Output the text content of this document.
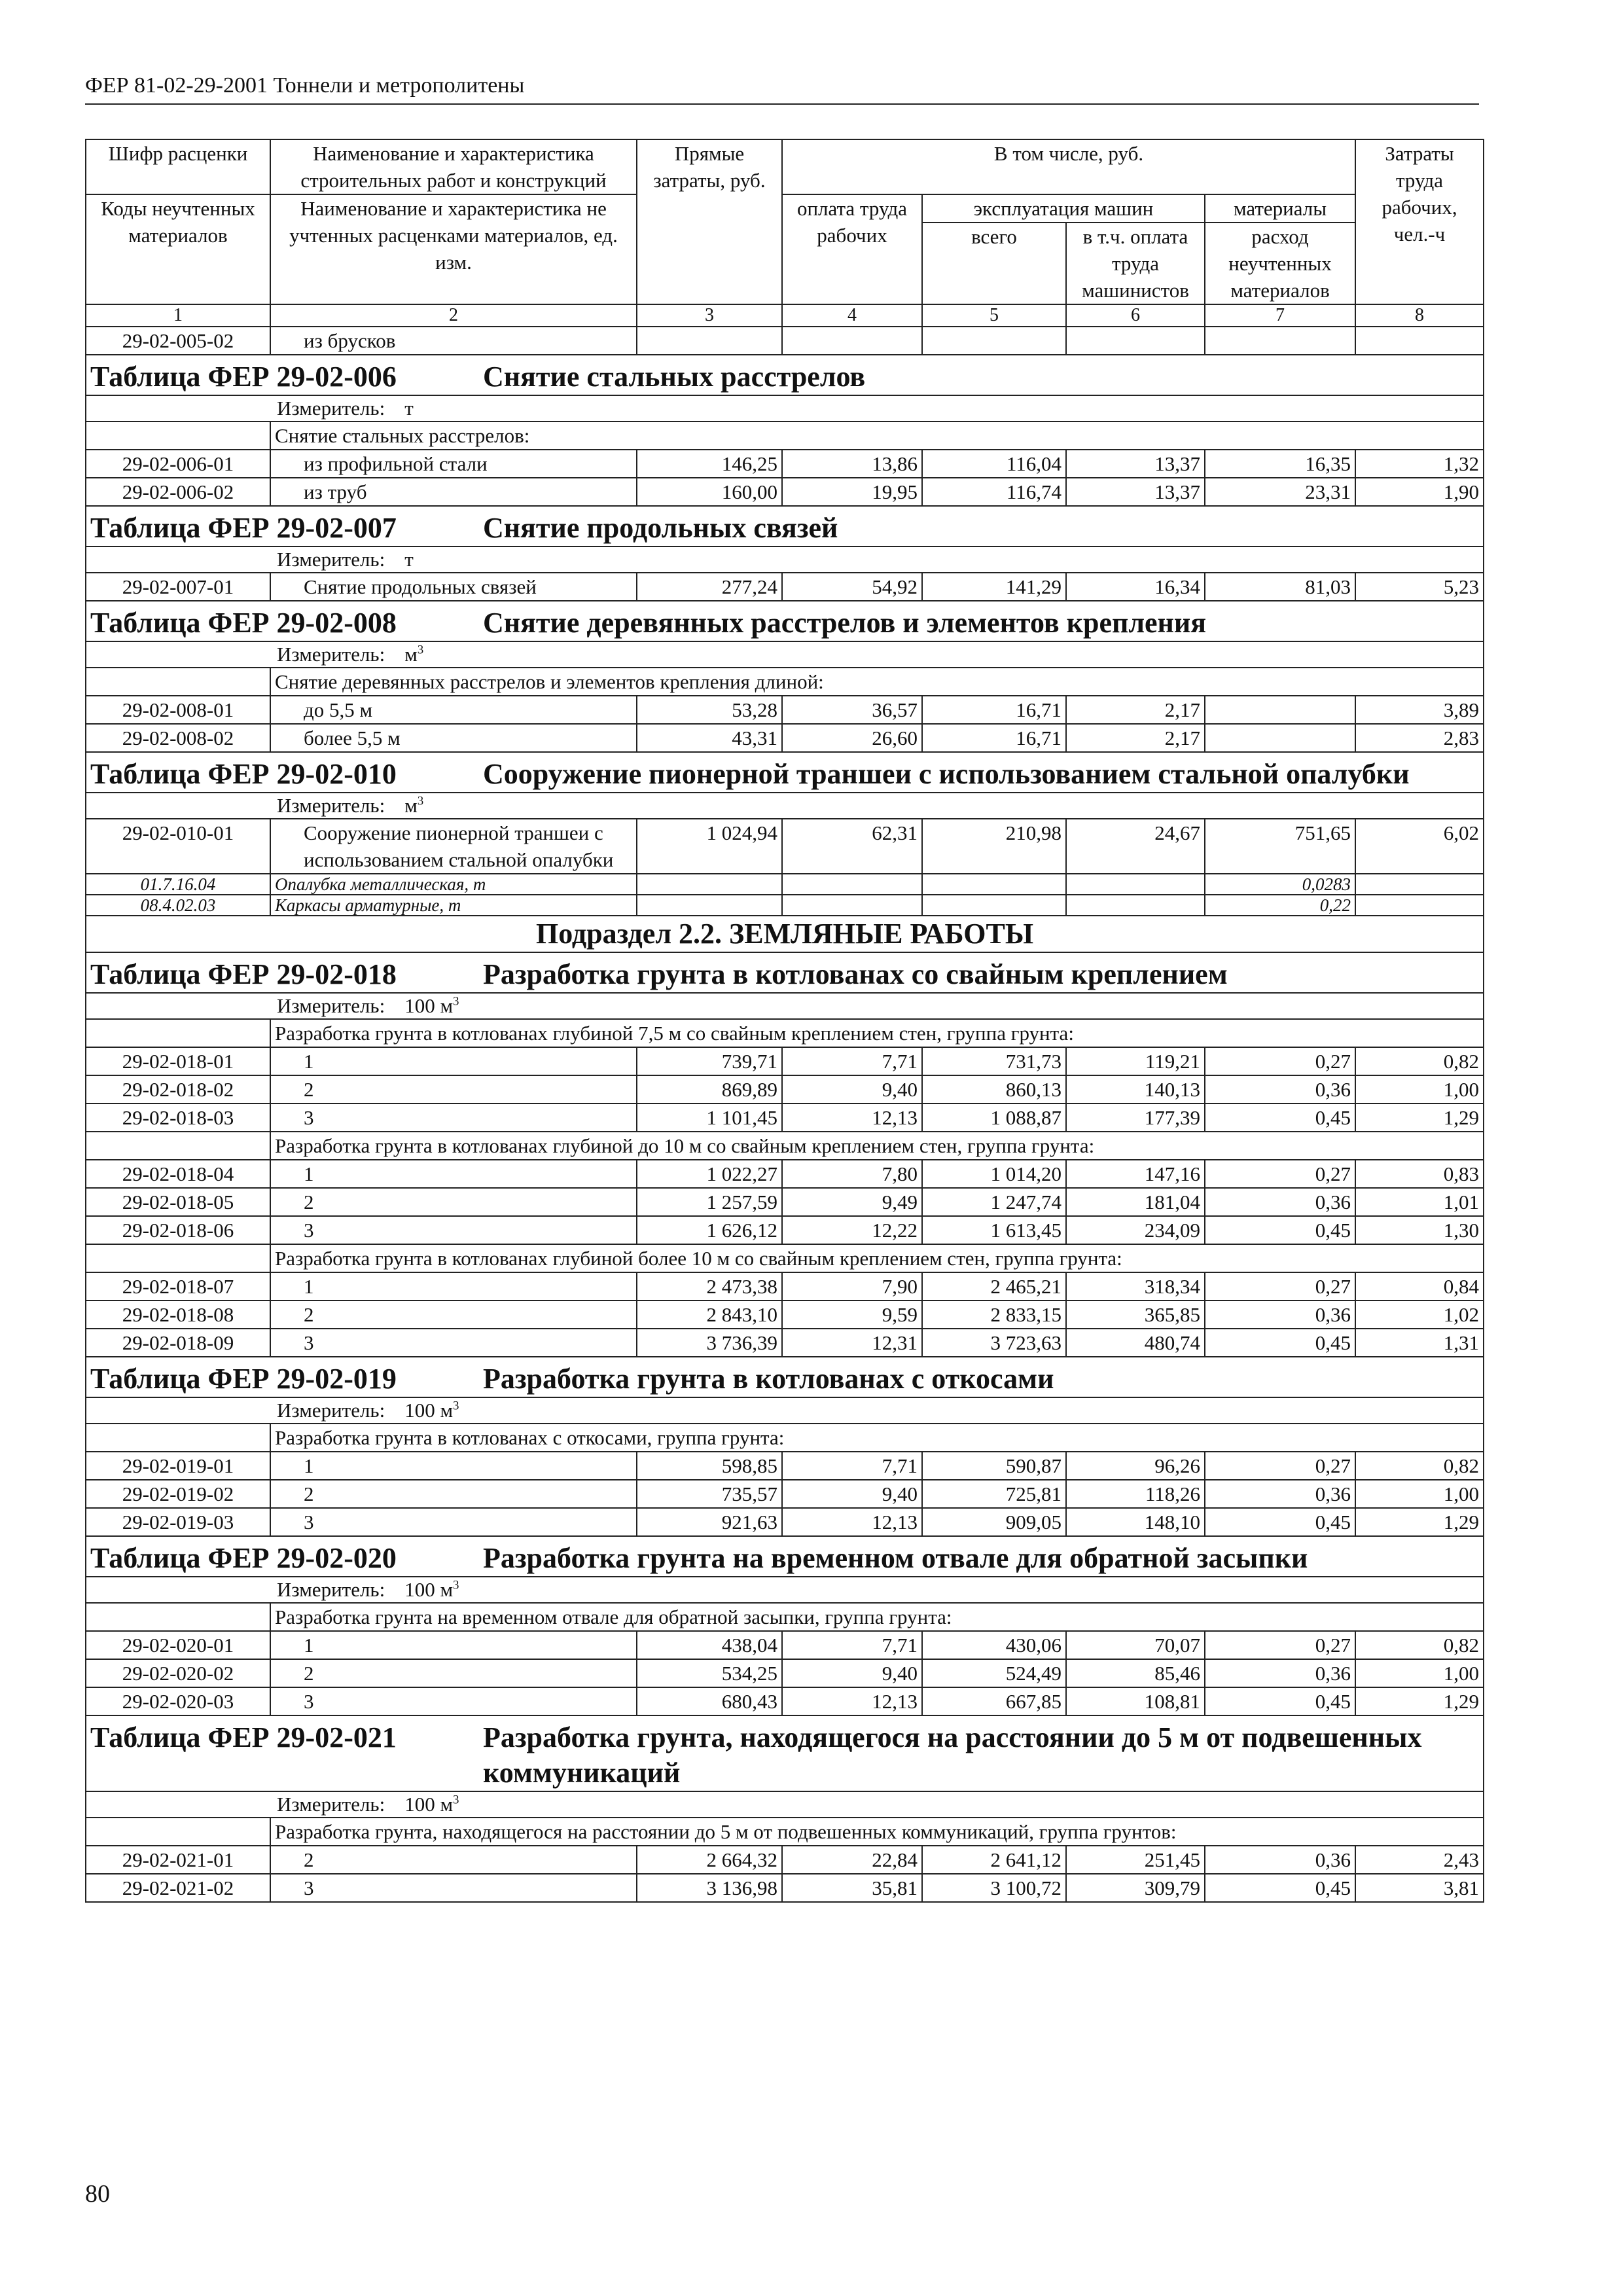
ФЕР 81-02-29-2001 Тоннели и метрополитены
Шифр расценки	Наименование и характеристика строительных работ и конструкций	Прямые затраты, руб.	В том числе, руб.				Затраты труда рабочих, чел.-ч
Коды неучтенных материалов	Наименование и характеристика не учтенных расценками материалов, ед. изм.		оплата труда рабочих	эксплуатация машин		материалы	
				всего	в т.ч. оплата труда машинистов	расход неучтенных материалов	
1	2	3	4	5	6	7	8
29-02-005-02	из брусков						
Таблица ФЕР 29-02-006 Снятие стальных расстрелов							
Измеритель: т							
	Снятие стальных расстрелов:						
29-02-006-01	из профильной стали	146,25	13,86	116,04	13,37	16,35	1,32
29-02-006-02	из труб	160,00	19,95	116,74	13,37	23,31	1,90
Таблица ФЕР 29-02-007 Снятие продольных связей							
Измеритель: т							
29-02-007-01	Снятие продольных связей	277,24	54,92	141,29	16,34	81,03	5,23
Таблица ФЕР 29-02-008 Снятие деревянных расстрелов и элементов крепления							
Измеритель: $м^3$
	Снятие деревянных расстрелов и элементов крепления длиной:						
29-02-008-01	до 5,5 м	53,28	36,57	16,71	2,17		3,89
29-02-008-02	более 5,5 м	43,31	26,60	16,71	2,17		2,83
Таблица ФЕР 29-02-010 Сооружение пионерной траншеи с использованием стальной опалубки							
Измеритель: $м^3$
29-02-010-01	Сооружение пионерной траншеи с использованием стальной опалубки	1 024,94	62,31	210,98	24,67	751,65	6,02
01.7.16.04	Опалубка металлическая, т					0,0283	
08.4.02.03	Каркасы арматурные, т					0,22	
Подраздел 2.2. ЗЕМЛЯНЫЕ РАБОТЫ							
Таблица ФЕР 29-02-018 Разработка грунта в котлованах со свайным креплением							
Измеритель: 100 $м^3$
	Разработка грунта в котлованах глубиной 7,5 м со свайным креплением стен, группа грунта:						
29-02-018-01	1	739,71	7,71	731,73	119,21	0,27	0,82
29-02-018-02	2	869,89	9,40	860,13	140,13	0,36	1,00
29-02-018-03	3	1 101,45	12,13	1 088,87	177,39	0,45	1,29
	Разработка грунта в котлованах глубиной до 10 м со свайным креплением стен, группа грунта:						
29-02-018-04	1	1 022,27	7,80	1 014,20	147,16	0,27	0,83
29-02-018-05	2	1 257,59	9,49	1 247,74	181,04	0,36	1,01
29-02-018-06	3	1 626,12	12,22	1 613,45	234,09	0,45	1,30
	Разработка грунта в котлованах глубиной более 10 м со свайным креплением стен, группа грунта:						
29-02-018-07	1	2 473,38	7,90	2 465,21	318,34	0,27	0,84
29-02-018-08	2	2 843,10	9,59	2 833,15	365,85	0,36	1,02
29-02-018-09	3	3 736,39	12,31	3 723,63	480,74	0,45	1,31
Таблица ФЕР 29-02-019 Разработка грунта в котлованах с откосами							
Измеритель: 100 $м^3$
	Разработка грунта в котлованах с откосами, группа грунта:						
29-02-019-01	1	598,85	7,71	590,87	96,26	0,27	0,82
29-02-019-02	2	735,57	9,40	725,81	118,26	0,36	1,00
29-02-019-03	3	921,63	12,13	909,05	148,10	0,45	1,29
Таблица ФЕР 29-02-020 Разработка грунта на временном отвале для обратной засыпки							
Измеритель: 100 $м^3$
	Разработка грунта на временном отвале для обратной засыпки, группа грунта:						
29-02-020-01	1	438,04	7,71	430,06	70,07	0,27	0,82
29-02-020-02	2	534,25	9,40	524,49	85,46	0,36	1,00
29-02-020-03	3	680,43	12,13	667,85	108,81	0,45	1,29
Таблица ФЕР 29-02-021 Разработка грунта, находящегося на расстоянии до 5 м от подвешенных коммуникаций							
Измеритель: 100 $м^3$
	Разработка грунта, находящегося на расстоянии до 5 м от подвешенных коммуникаций, группа грунтов:						
29-02-021-01	2	2 664,32	22,84	2 641,12	251,45	0,36	2,43
29-02-021-02	3	3 136,98	35,81	3 100,72	309,79	0,45	3,81
80
